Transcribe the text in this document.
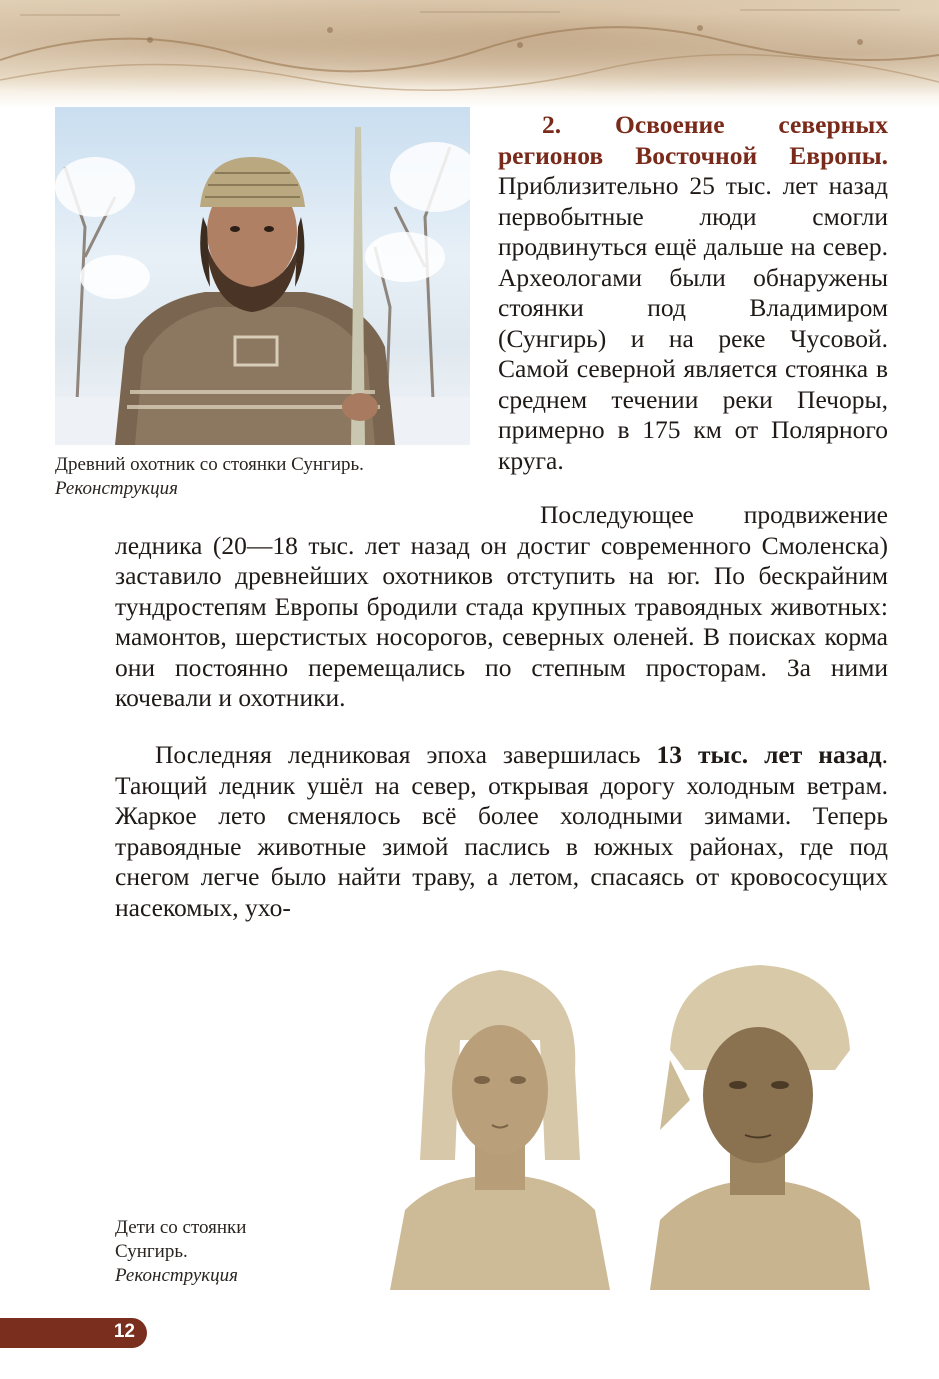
Древний охотник со стоянки Сунгирь.
Реконструкция

2. Освоение северных регионов Восточной Европы. Приблизительно 25 тыс. лет назад первобытные люди смогли продвинуться ещё дальше на север. Археологами были обнаружены стоянки под Владимиром (Сунгирь) и на реке Чусовой. Самой северной является стоянка в среднем течении реки Печоры, примерно в 175 км от Полярного круга.

Последующее продвижение ледника (20—18 тыс. лет назад он достиг современного Смоленска) заставило древнейших охотников отступить на юг. По бескрайним тундростепям Европы бродили стада крупных травоядных животных: мамонтов, шерстистых носорогов, северных оленей. В поисках корма они постоянно перемещались по степным просторам. За ними кочевали и охотники.

Последняя ледниковая эпоха завершилась 13 тыс. лет назад. Тающий ледник ушёл на север, открывая дорогу холодным ветрам. Жаркое лето сменялось всё более холодными зимами. Теперь травоядные животные зимой паслись в южных районах, где под снегом легче было найти траву, а летом, спасаясь от кровососущих насекомых, ухо-

Дети со стоянки
Сунгирь.
Реконструкция
12
